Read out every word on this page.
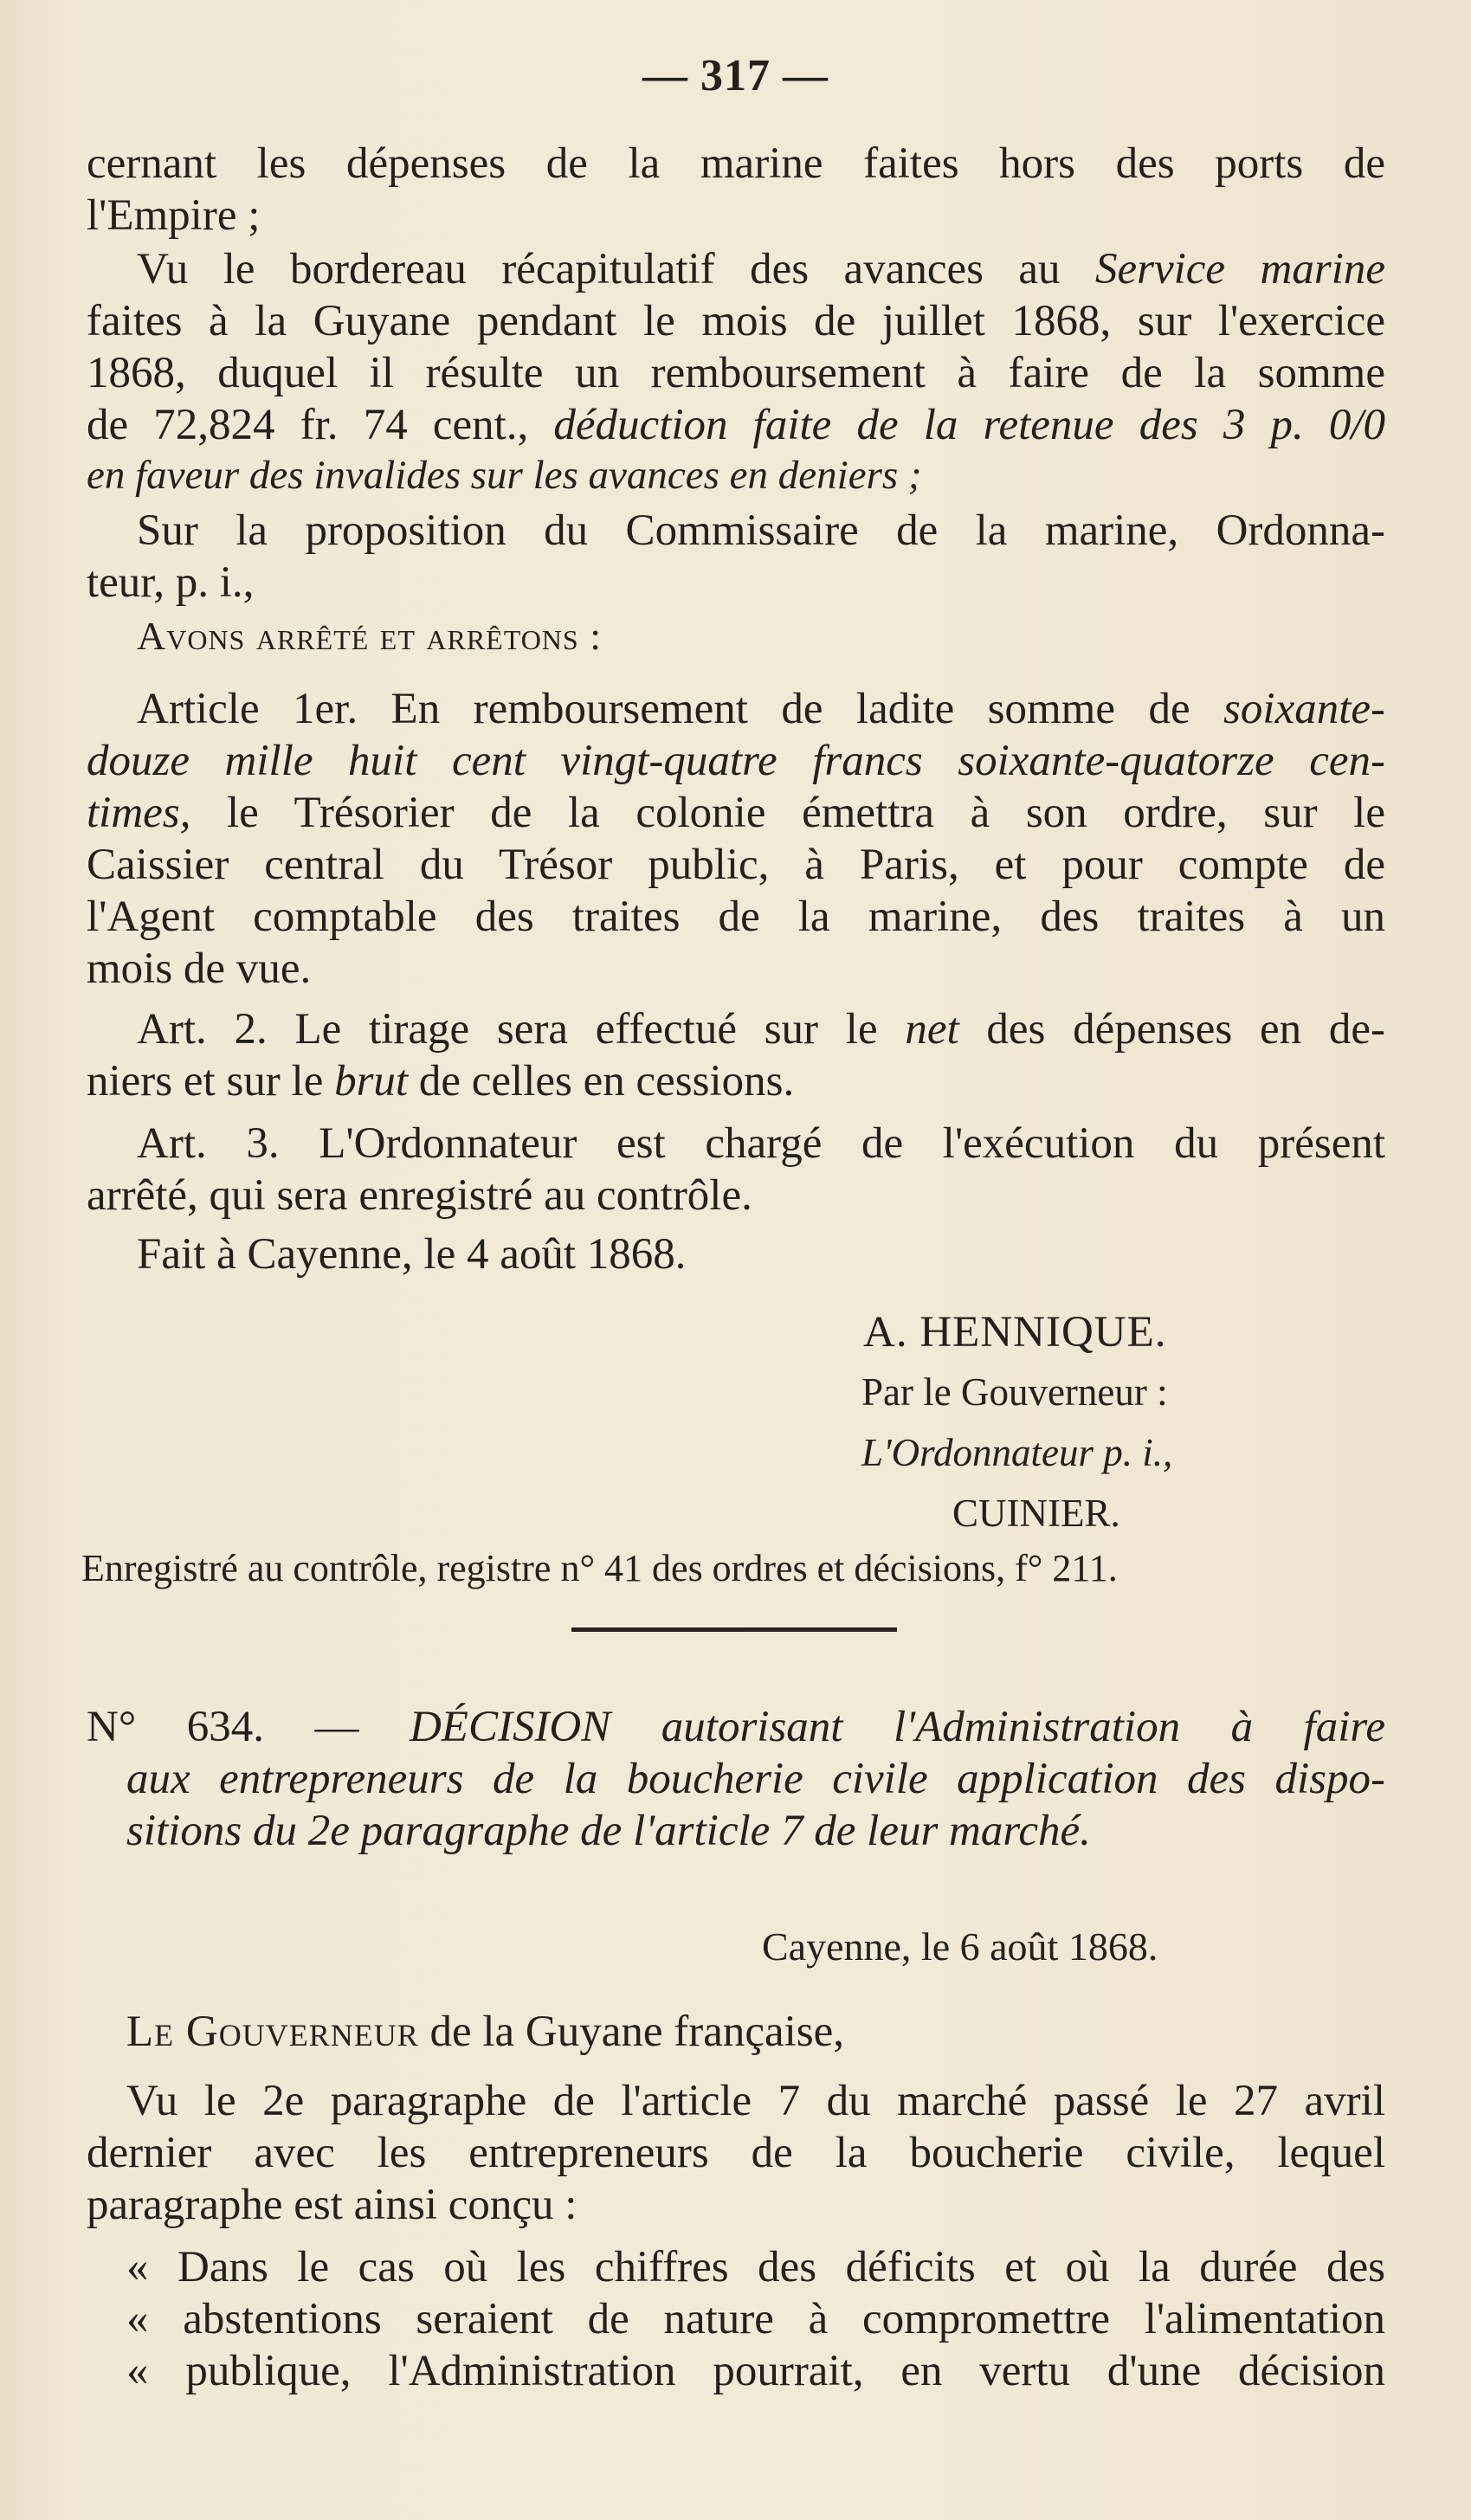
— 317 —
cernant les dépenses de la marine faites hors des ports de
l'Empire ;
Vu le bordereau récapitulatif des avances au Service marine
faites à la Guyane pendant le mois de juillet 1868, sur l'exercice
1868, duquel il résulte un remboursement à faire de la somme
de 72,824 fr. 74 cent., déduction faite de la retenue des 3 p. 0/0
en faveur des invalides sur les avances en deniers ;
Sur la proposition du Commissaire de la marine, Ordonna-
teur, p. i.,
Avons arrêté et arrêtons :
Article 1er. En remboursement de ladite somme de soixante-
douze mille huit cent vingt-quatre francs soixante-quatorze cen-
times, le Trésorier de la colonie émettra à son ordre, sur le
Caissier central du Trésor public, à Paris, et pour compte de
l'Agent comptable des traites de la marine, des traites à un
mois de vue.
Art. 2. Le tirage sera effectué sur le net des dépenses en de-
niers et sur le brut de celles en cessions.
Art. 3. L'Ordonnateur est chargé de l'exécution du présent
arrêté, qui sera enregistré au contrôle.
Fait à Cayenne, le 4 août 1868.
A. HENNIQUE.
Par le Gouverneur :
L'Ordonnateur p. i.,
CUINIER.
Enregistré au contrôle, registre n° 41 des ordres et décisions, f° 211.
N° 634. — DÉCISION autorisant l'Administration à faire
aux entrepreneurs de la boucherie civile application des dispo-
sitions du 2e paragraphe de l'article 7 de leur marché.
Cayenne, le 6 août 1868.
Le Gouverneur de la Guyane française,
Vu le 2e paragraphe de l'article 7 du marché passé le 27 avril
dernier avec les entrepreneurs de la boucherie civile, lequel
paragraphe est ainsi conçu :
« Dans le cas où les chiffres des déficits et où la durée des
« abstentions seraient de nature à compromettre l'alimentation
« publique, l'Administration pourrait, en vertu d'une décision
